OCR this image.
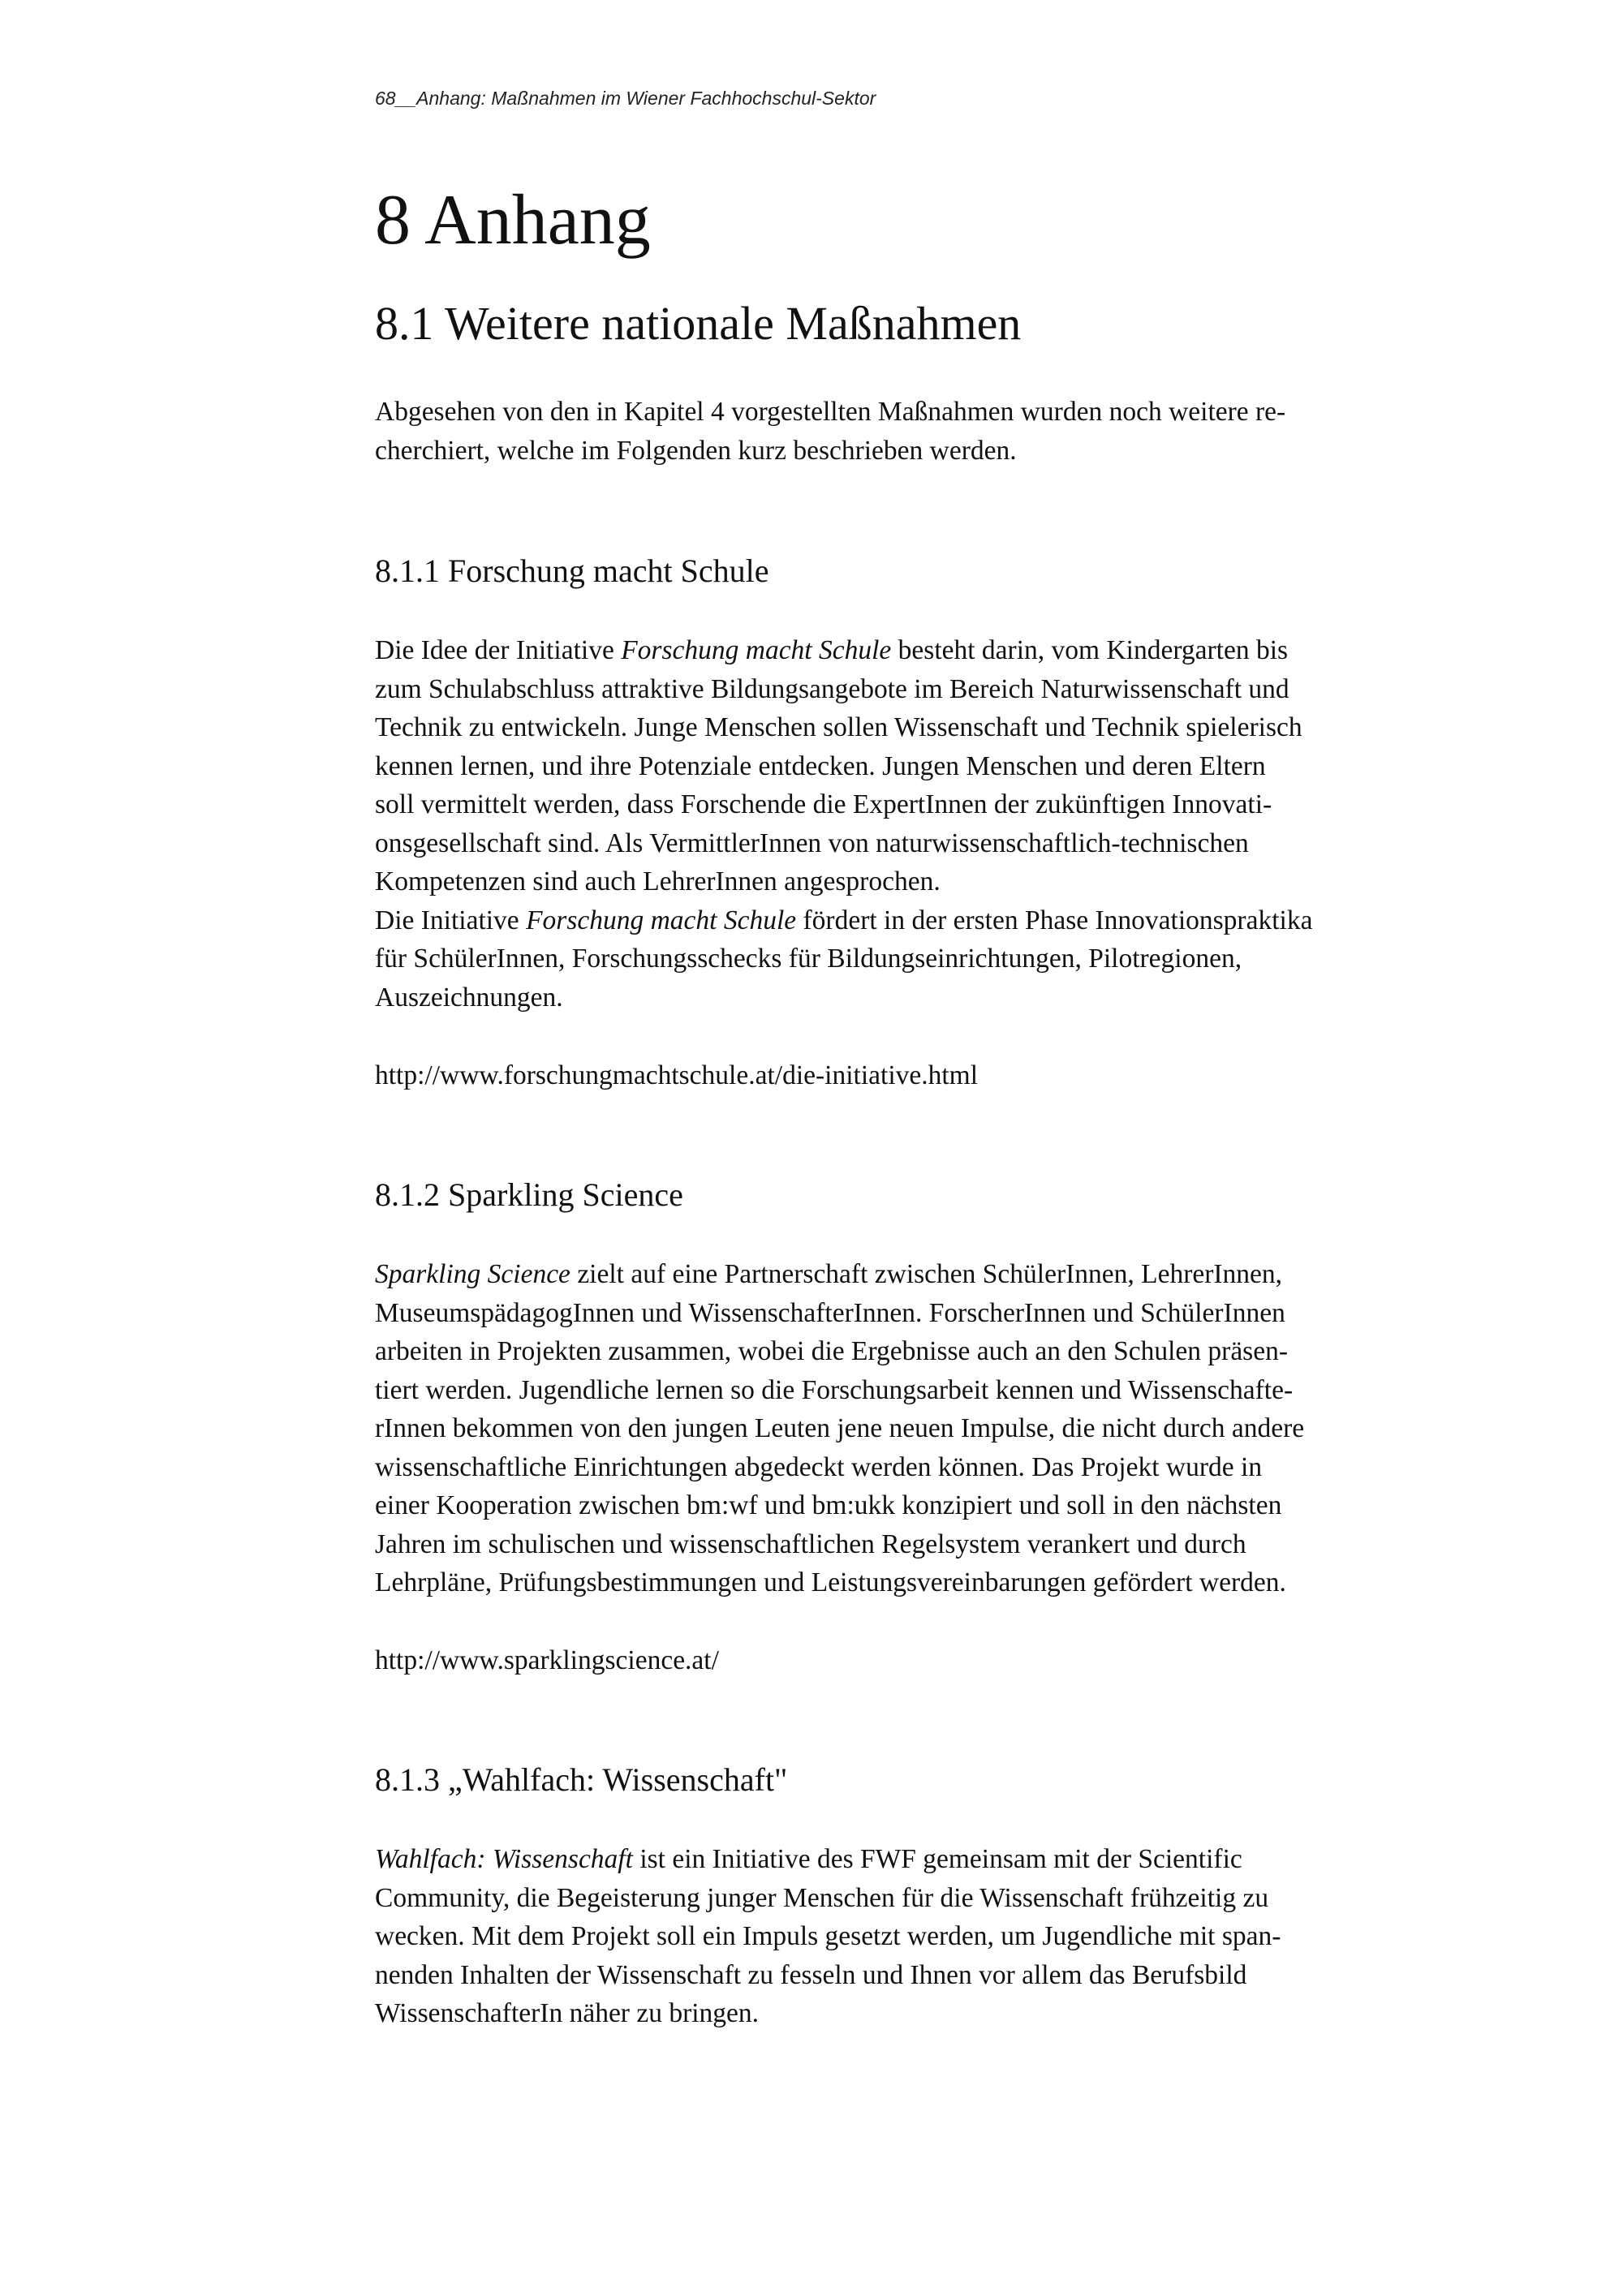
68__Anhang: Maßnahmen im Wiener Fachhochschul-Sektor
8 Anhang
8.1 Weitere nationale Maßnahmen
Abgesehen von den in Kapitel 4 vorgestellten Maßnahmen wurden noch weitere re-
cherchiert, welche im Folgenden kurz beschrieben werden.
8.1.1 Forschung macht Schule
Die Idee der Initiative Forschung macht Schule besteht darin, vom Kindergarten bis
zum Schulabschluss attraktive Bildungsangebote im Bereich Naturwissenschaft und
Technik zu entwickeln. Junge Menschen sollen Wissenschaft und Technik spielerisch
kennen lernen, und ihre Potenziale entdecken. Jungen Menschen und deren Eltern
soll vermittelt werden, dass Forschende die ExpertInnen der zukünftigen Innovati-
onsgesellschaft sind. Als VermittlerInnen von naturwissenschaftlich-technischen
Kompetenzen sind auch LehrerInnen angesprochen.
Die Initiative Forschung macht Schule fördert in der ersten Phase Innovationspraktika
für SchülerInnen, Forschungsschecks für Bildungseinrichtungen, Pilotregionen,
Auszeichnungen.
http://www.forschungmachtschule.at/die-initiative.html
8.1.2 Sparkling Science
Sparkling Science zielt auf eine Partnerschaft zwischen SchülerInnen, LehrerInnen,
MuseumspädagogInnen und WissenschafterInnen. ForscherInnen und SchülerInnen
arbeiten in Projekten zusammen, wobei die Ergebnisse auch an den Schulen präsen-
tiert werden. Jugendliche lernen so die Forschungsarbeit kennen und Wissenschafte-
rInnen bekommen von den jungen Leuten jene neuen Impulse, die nicht durch andere
wissenschaftliche Einrichtungen abgedeckt werden können. Das Projekt wurde in
einer Kooperation zwischen bm:wf und bm:ukk konzipiert und soll in den nächsten
Jahren im schulischen und wissenschaftlichen Regelsystem verankert und durch
Lehrpläne, Prüfungsbestimmungen und Leistungsvereinbarungen gefördert werden.
http://www.sparklingscience.at/
8.1.3 „Wahlfach: Wissenschaft"
Wahlfach: Wissenschaft ist ein Initiative des FWF gemeinsam mit der Scientific
Community, die Begeisterung junger Menschen für die Wissenschaft frühzeitig zu
wecken. Mit dem Projekt soll ein Impuls gesetzt werden, um Jugendliche mit span-
nenden Inhalten der Wissenschaft zu fesseln und Ihnen vor allem das Berufsbild
WissenschafterIn näher zu bringen.
